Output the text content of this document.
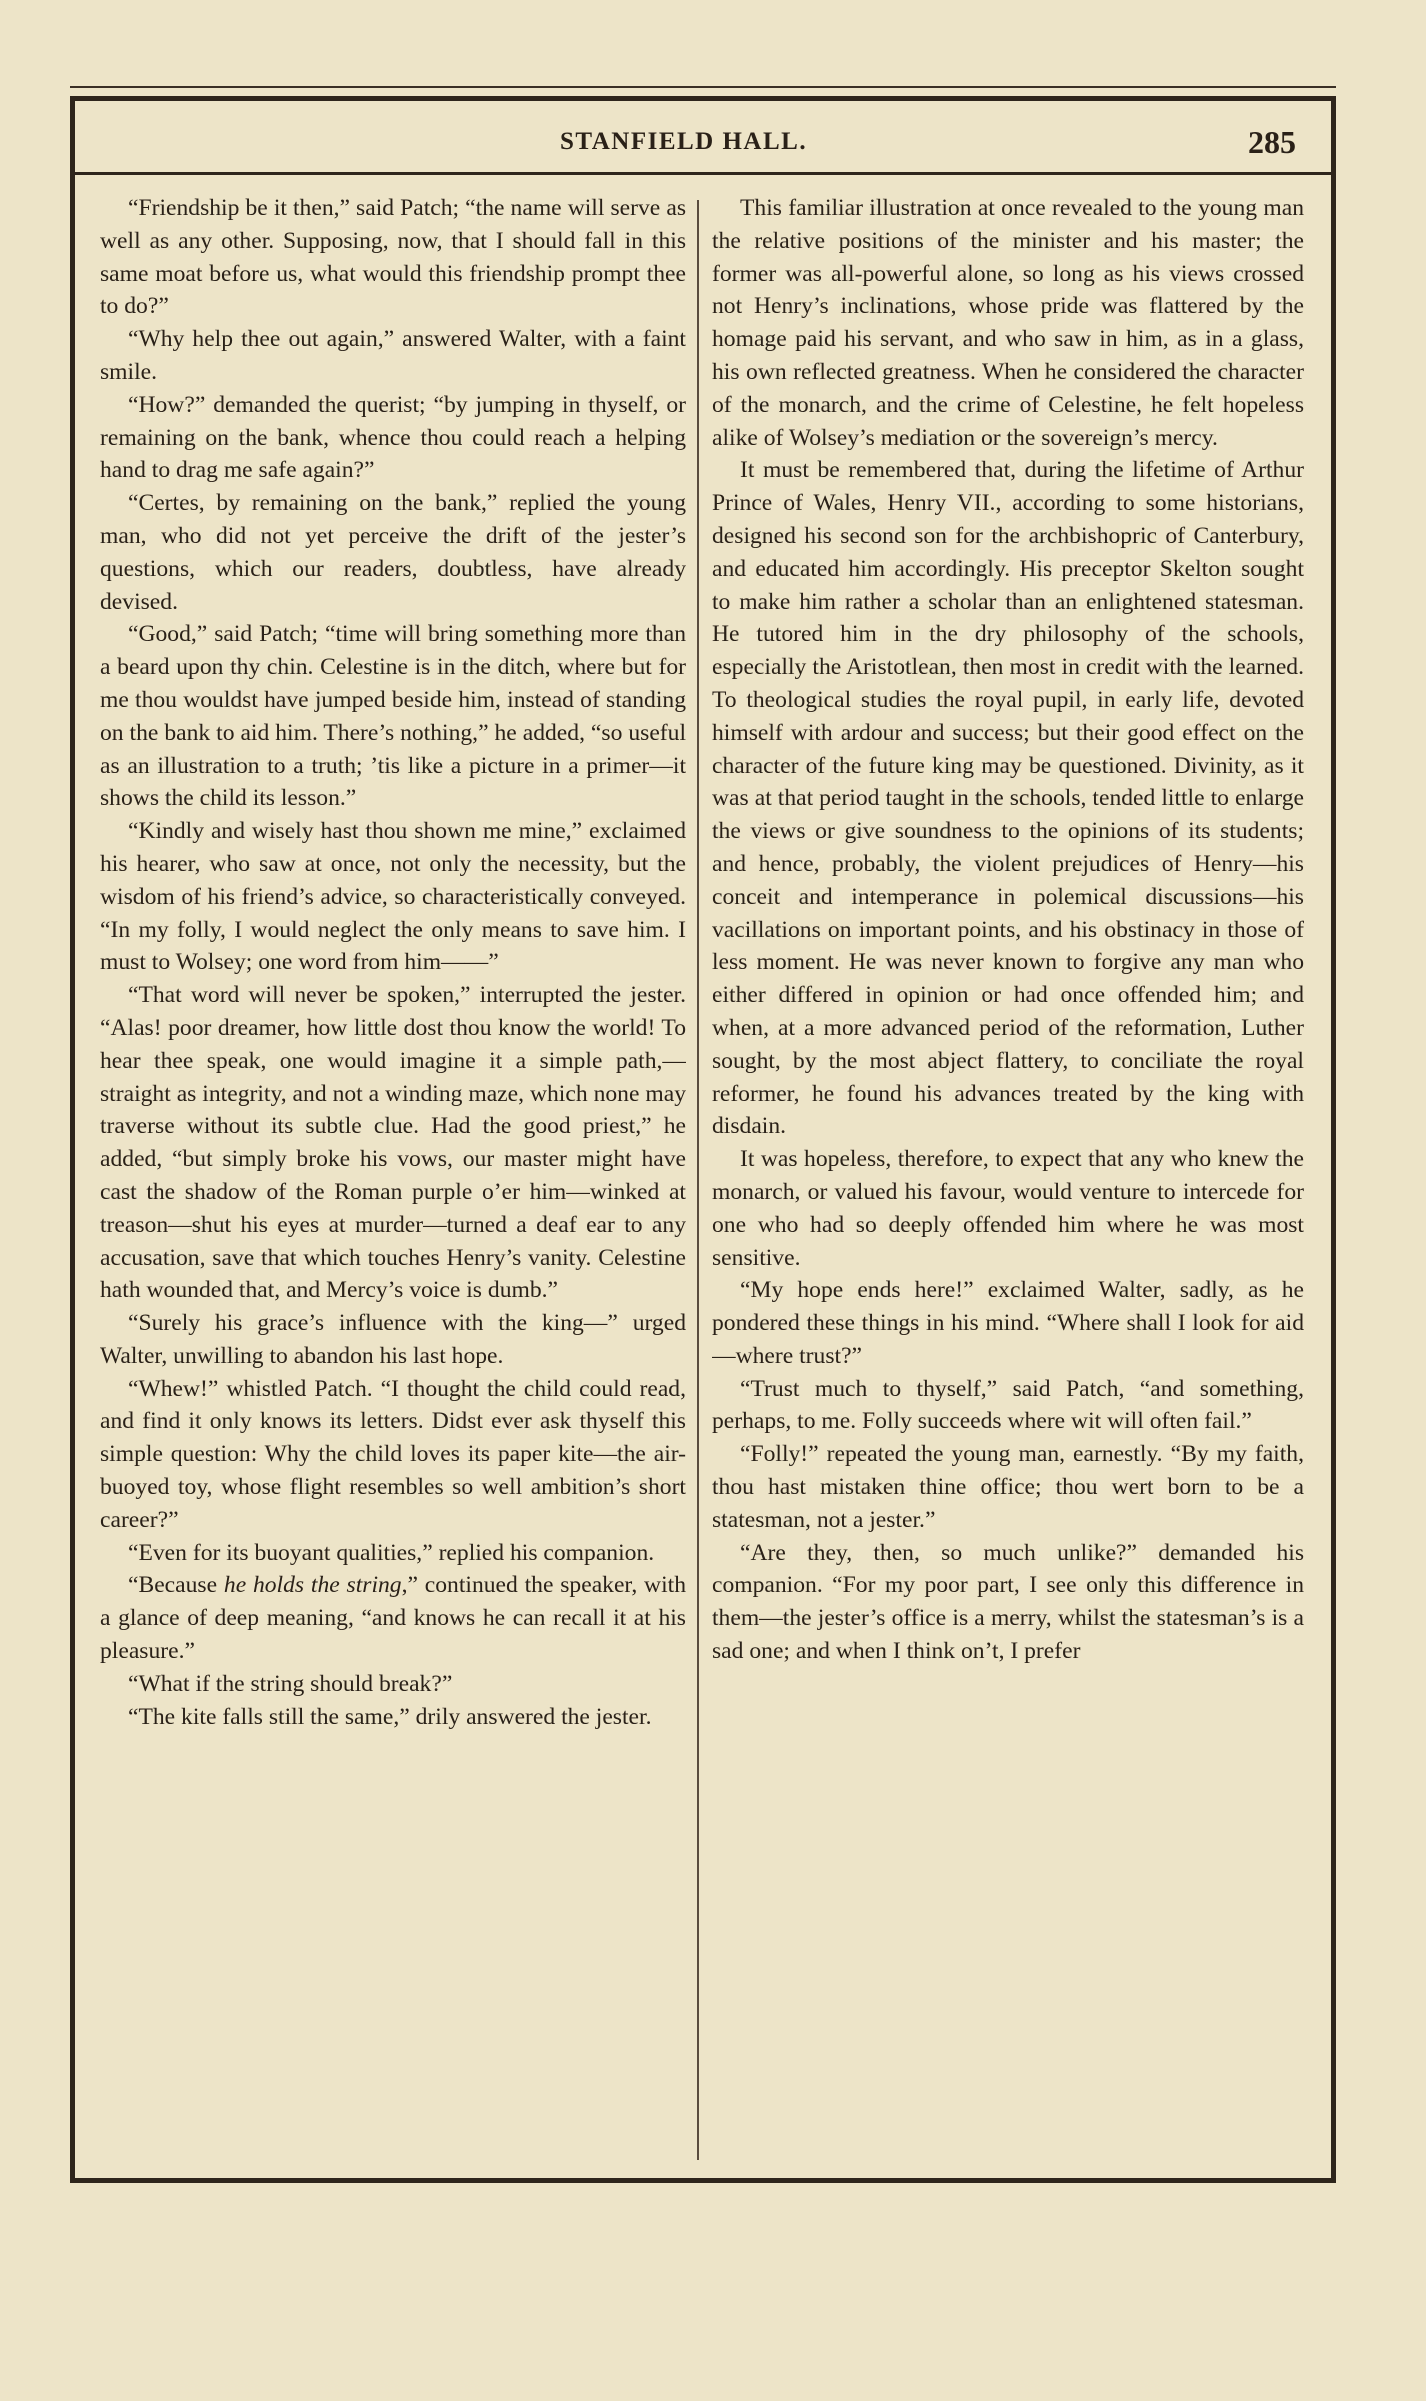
STANFIELD HALL.	285

“Friendship be it then,” said Patch; “the name will serve as well as any other. Supposing, now, that I should fall in this same moat before us, what would this friendship prompt thee to do?”

“Why help thee out again,” answered Walter, with a faint smile.

“How?” demanded the querist; “by jumping in thyself, or remaining on the bank, whence thou could reach a helping hand to drag me safe again?”

“Certes, by remaining on the bank,” replied the young man, who did not yet perceive the drift of the jester’s questions, which our readers, doubtless, have already devised.

“Good,” said Patch; “time will bring something more than a beard upon thy chin. Celestine is in the ditch, where but for me thou wouldst have jumped beside him, instead of standing on the bank to aid him. There’s nothing,” he added, “so useful as an illustration to a truth; ’tis like a picture in a primer—it shows the child its lesson.”

“Kindly and wisely hast thou shown me mine,” exclaimed his hearer, who saw at once, not only the necessity, but the wisdom of his friend’s advice, so characteristically conveyed. “In my folly, I would neglect the only means to save him. I must to Wolsey; one word from him——”

“That word will never be spoken,” interrupted the jester. “Alas! poor dreamer, how little dost thou know the world! To hear thee speak, one would imagine it a simple path,—straight as integrity, and not a winding maze, which none may traverse without its subtle clue. Had the good priest,” he added, “but simply broke his vows, our master might have cast the shadow of the Roman purple o’er him—winked at treason—shut his eyes at murder—turned a deaf ear to any accusation, save that which touches Henry’s vanity. Celestine hath wounded that, and Mercy’s voice is dumb.”

“Surely his grace’s influence with the king—” urged Walter, unwilling to abandon his last hope.

“Whew!” whistled Patch. “I thought the child could read, and find it only knows its letters. Didst ever ask thyself this simple question: Why the child loves its paper kite—the air-buoyed toy, whose flight resembles so well ambition’s short career?”

“Even for its buoyant qualities,” replied his companion.

“Because he holds the string,” continued the speaker, with a glance of deep meaning, “and knows he can recall it at his pleasure.”

“What if the string should break?”

“The kite falls still the same,” drily answered the jester.

This familiar illustration at once revealed to the young man the relative positions of the minister and his master; the former was all-powerful alone, so long as his views crossed not Henry’s inclinations, whose pride was flattered by the homage paid his servant, and who saw in him, as in a glass, his own reflected greatness. When he considered the character of the monarch, and the crime of Celestine, he felt hopeless alike of Wolsey’s mediation or the sovereign’s mercy.

It must be remembered that, during the lifetime of Arthur Prince of Wales, Henry VII., according to some historians, designed his second son for the archbishopric of Canterbury, and educated him accordingly. His preceptor Skelton sought to make him rather a scholar than an enlightened statesman. He tutored him in the dry philosophy of the schools, especially the Aristotlean, then most in credit with the learned. To theological studies the royal pupil, in early life, devoted himself with ardour and success; but their good effect on the character of the future king may be questioned. Divinity, as it was at that period taught in the schools, tended little to enlarge the views or give soundness to the opinions of its students; and hence, probably, the violent prejudices of Henry—his conceit and intemperance in polemical discussions—his vacillations on important points, and his obstinacy in those of less moment. He was never known to forgive any man who either differed in opinion or had once offended him; and when, at a more advanced period of the reformation, Luther sought, by the most abject flattery, to conciliate the royal reformer, he found his advances treated by the king with disdain.

It was hopeless, therefore, to expect that any who knew the monarch, or valued his favour, would venture to intercede for one who had so deeply offended him where he was most sensitive.

“My hope ends here!” exclaimed Walter, sadly, as he pondered these things in his mind. “Where shall I look for aid—where trust?”

“Trust much to thyself,” said Patch, “and something, perhaps, to me. Folly succeeds where wit will often fail.”

“Folly!” repeated the young man, earnestly. “By my faith, thou hast mistaken thine office; thou wert born to be a statesman, not a jester.”

“Are they, then, so much unlike?” demanded his companion. “For my poor part, I see only this difference in them—the jester’s office is a merry, whilst the statesman’s is a sad one; and when I think on’t, I prefer
